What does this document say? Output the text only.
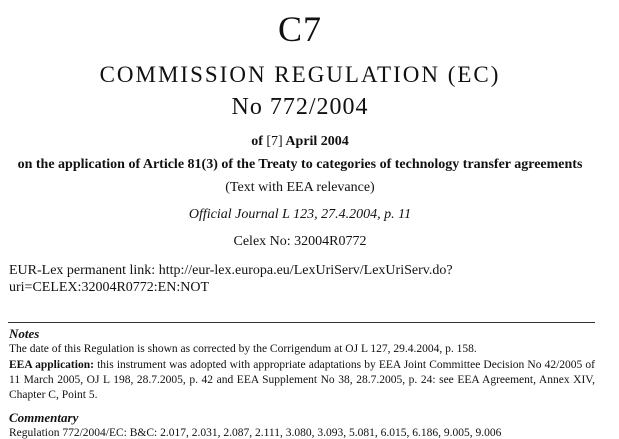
C7
COMMISSION REGULATION (EC)
No 772/2004
of [7] April 2004
on the application of Article 81(3) of the Treaty to categories of technology transfer agreements
(Text with EEA relevance)
Official Journal L 123, 27.4.2004, p. 11
Celex No: 32004R0772
EUR-Lex permanent link: http://eur-lex.europa.eu/LexUriServ/LexUriServ.do?uri=CELEX:32004R0772:EN:NOT
Notes
The date of this Regulation is shown as corrected by the Corrigendum at OJ L 127, 29.4.2004, p. 158.
EEA application: this instrument was adopted with appropriate adaptations by EEA Joint Committee Decision No 42/2005 of 11 March 2005, OJ L 198, 28.7.2005, p. 42 and EEA Supplement No 38, 28.7.2005, p. 24: see EEA Agreement, Annex XIV, Chapter C, Point 5.
Commentary
Regulation 772/2004/EC: B&C: 2.017, 2.031, 2.087, 2.111, 3.080, 3.093, 5.081, 6.015, 6.186, 9.005, 9.006
